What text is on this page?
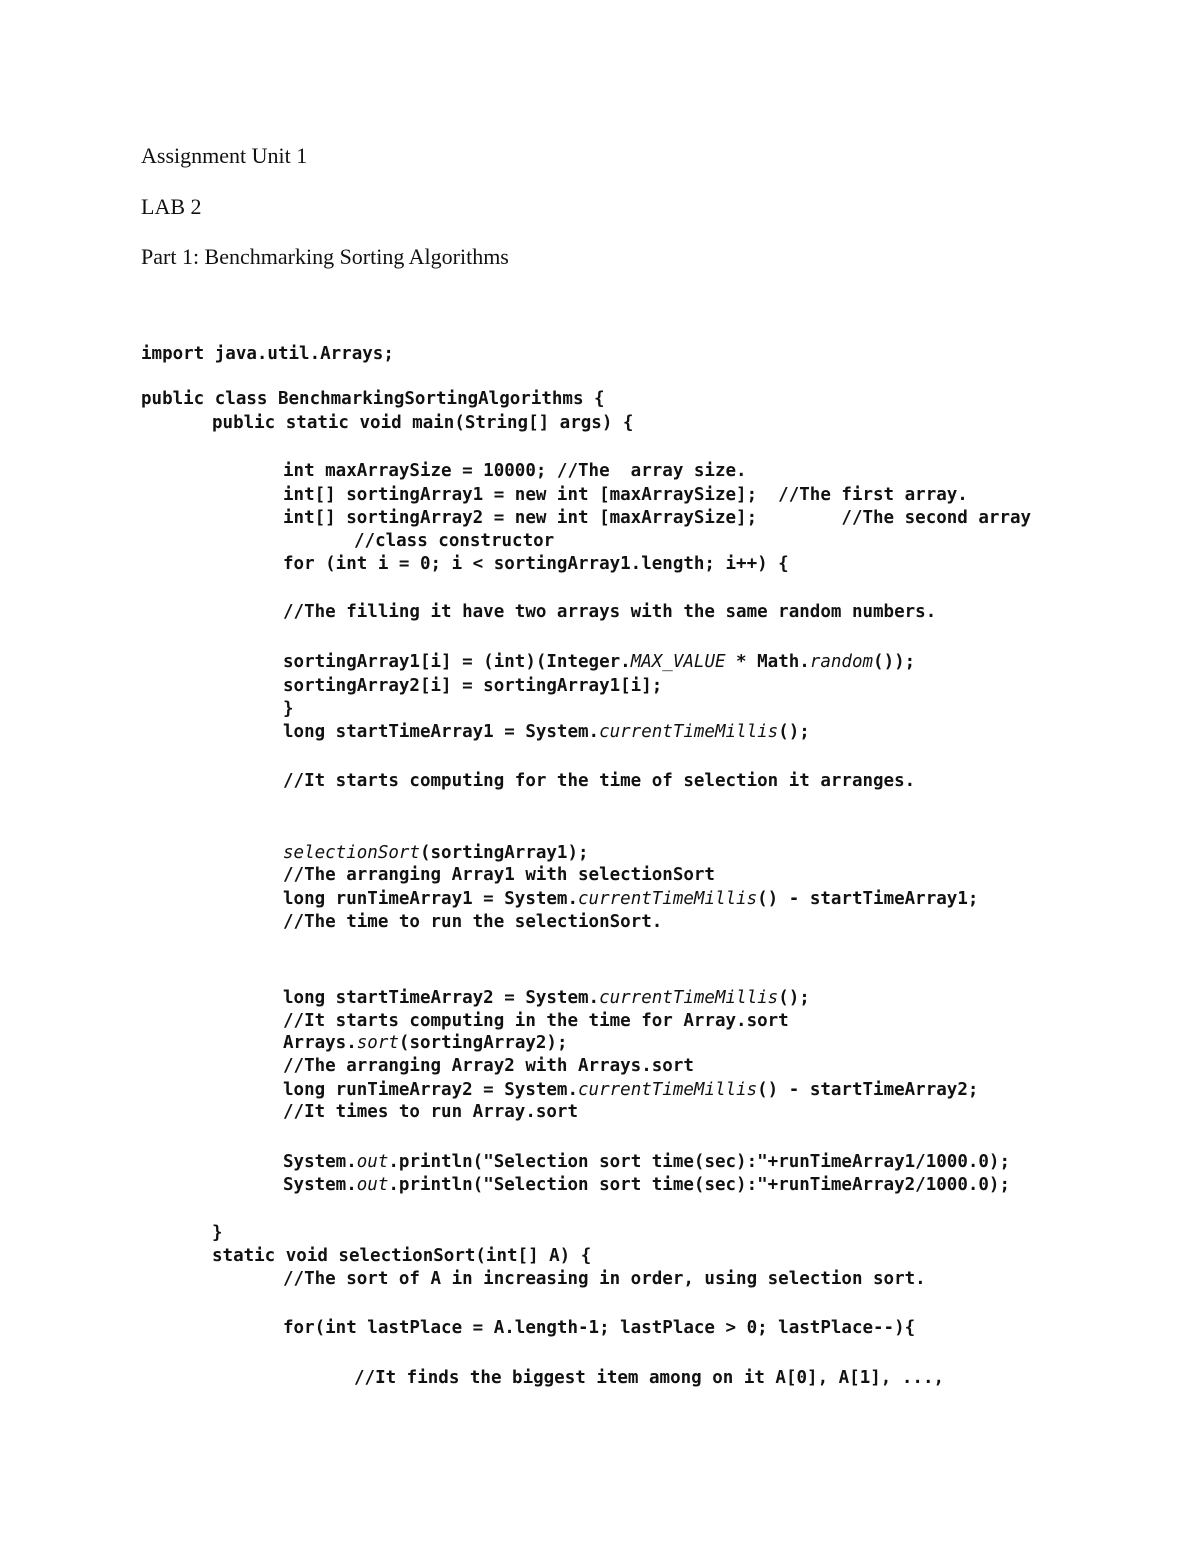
Assignment Unit 1
LAB 2
Part 1: Benchmarking Sorting Algorithms
import java.util.Arrays;
public class BenchmarkingSortingAlgorithms {
public static void main(String[] args) {
int maxArraySize = 10000; //The  array size.
int[] sortingArray1 = new int [maxArraySize];  //The first array.
int[] sortingArray2 = new int [maxArraySize];        //The second array
//class constructor
for (int i = 0; i < sortingArray1.length; i++) {
//The filling it have two arrays with the same random numbers.
sortingArray1[i] = (int)(Integer.MAX_VALUE * Math.random());
sortingArray2[i] = sortingArray1[i];
}
long startTimeArray1 = System.currentTimeMillis();
//It starts computing for the time of selection it arranges.
selectionSort(sortingArray1);
//The arranging Array1 with selectionSort
long runTimeArray1 = System.currentTimeMillis() - startTimeArray1;
//The time to run the selectionSort.
long startTimeArray2 = System.currentTimeMillis();
//It starts computing in the time for Array.sort
Arrays.sort(sortingArray2);
//The arranging Array2 with Arrays.sort
long runTimeArray2 = System.currentTimeMillis() - startTimeArray2;
//It times to run Array.sort
System.out.println("Selection sort time(sec):"+runTimeArray1/1000.0);
System.out.println("Selection sort time(sec):"+runTimeArray2/1000.0);
}
static void selectionSort(int[] A) {
//The sort of A in increasing in order, using selection sort.
for(int lastPlace = A.length-1; lastPlace > 0; lastPlace--){
//It finds the biggest item among on it A[0], A[1], ...,
